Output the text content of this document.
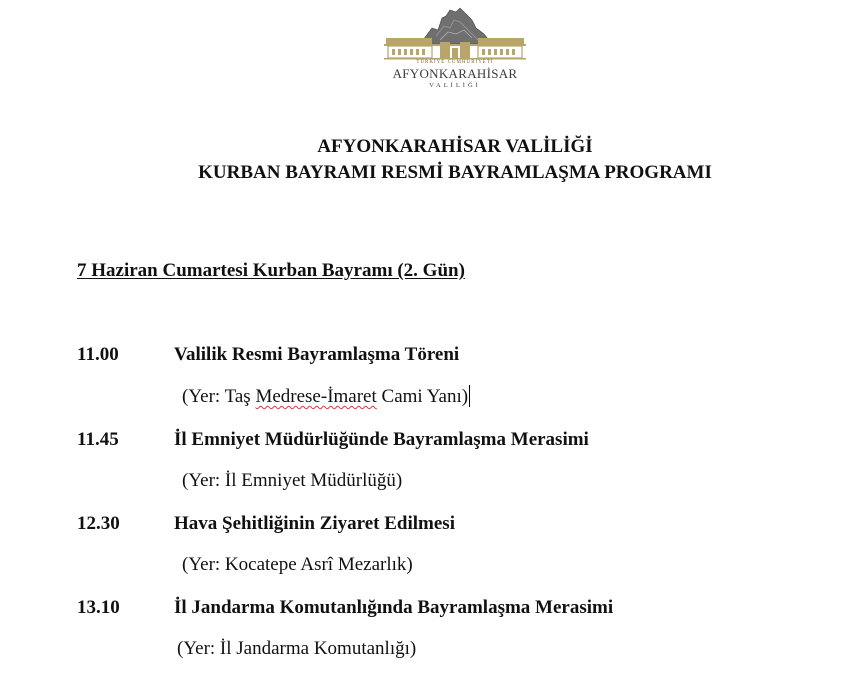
TÜRKİYE CUMHURİYETİ
AFYONKARAHİSAR
VALİLİĞİ

AFYONKARAHİSAR VALİLİĞİ

KURBAN BAYRAMI RESMİ BAYRAMLAŞMA PROGRAMI

7 Haziran Cumartesi Kurban Bayramı (2. Gün)
11.00	Valilik Resmi Bayramlaşma Töreni
(Yer: Taş Medrese-İmaret Cami Yanı)
11.45	İl Emniyet Müdürlüğünde Bayramlaşma Merasimi
(Yer: İl Emniyet Müdürlüğü)
12.30	Hava Şehitliğinin Ziyaret Edilmesi
(Yer: Kocatepe Asrî Mezarlık)
13.10	İl Jandarma Komutanlığında Bayramlaşma Merasimi
(Yer: İl Jandarma Komutanlığı)
